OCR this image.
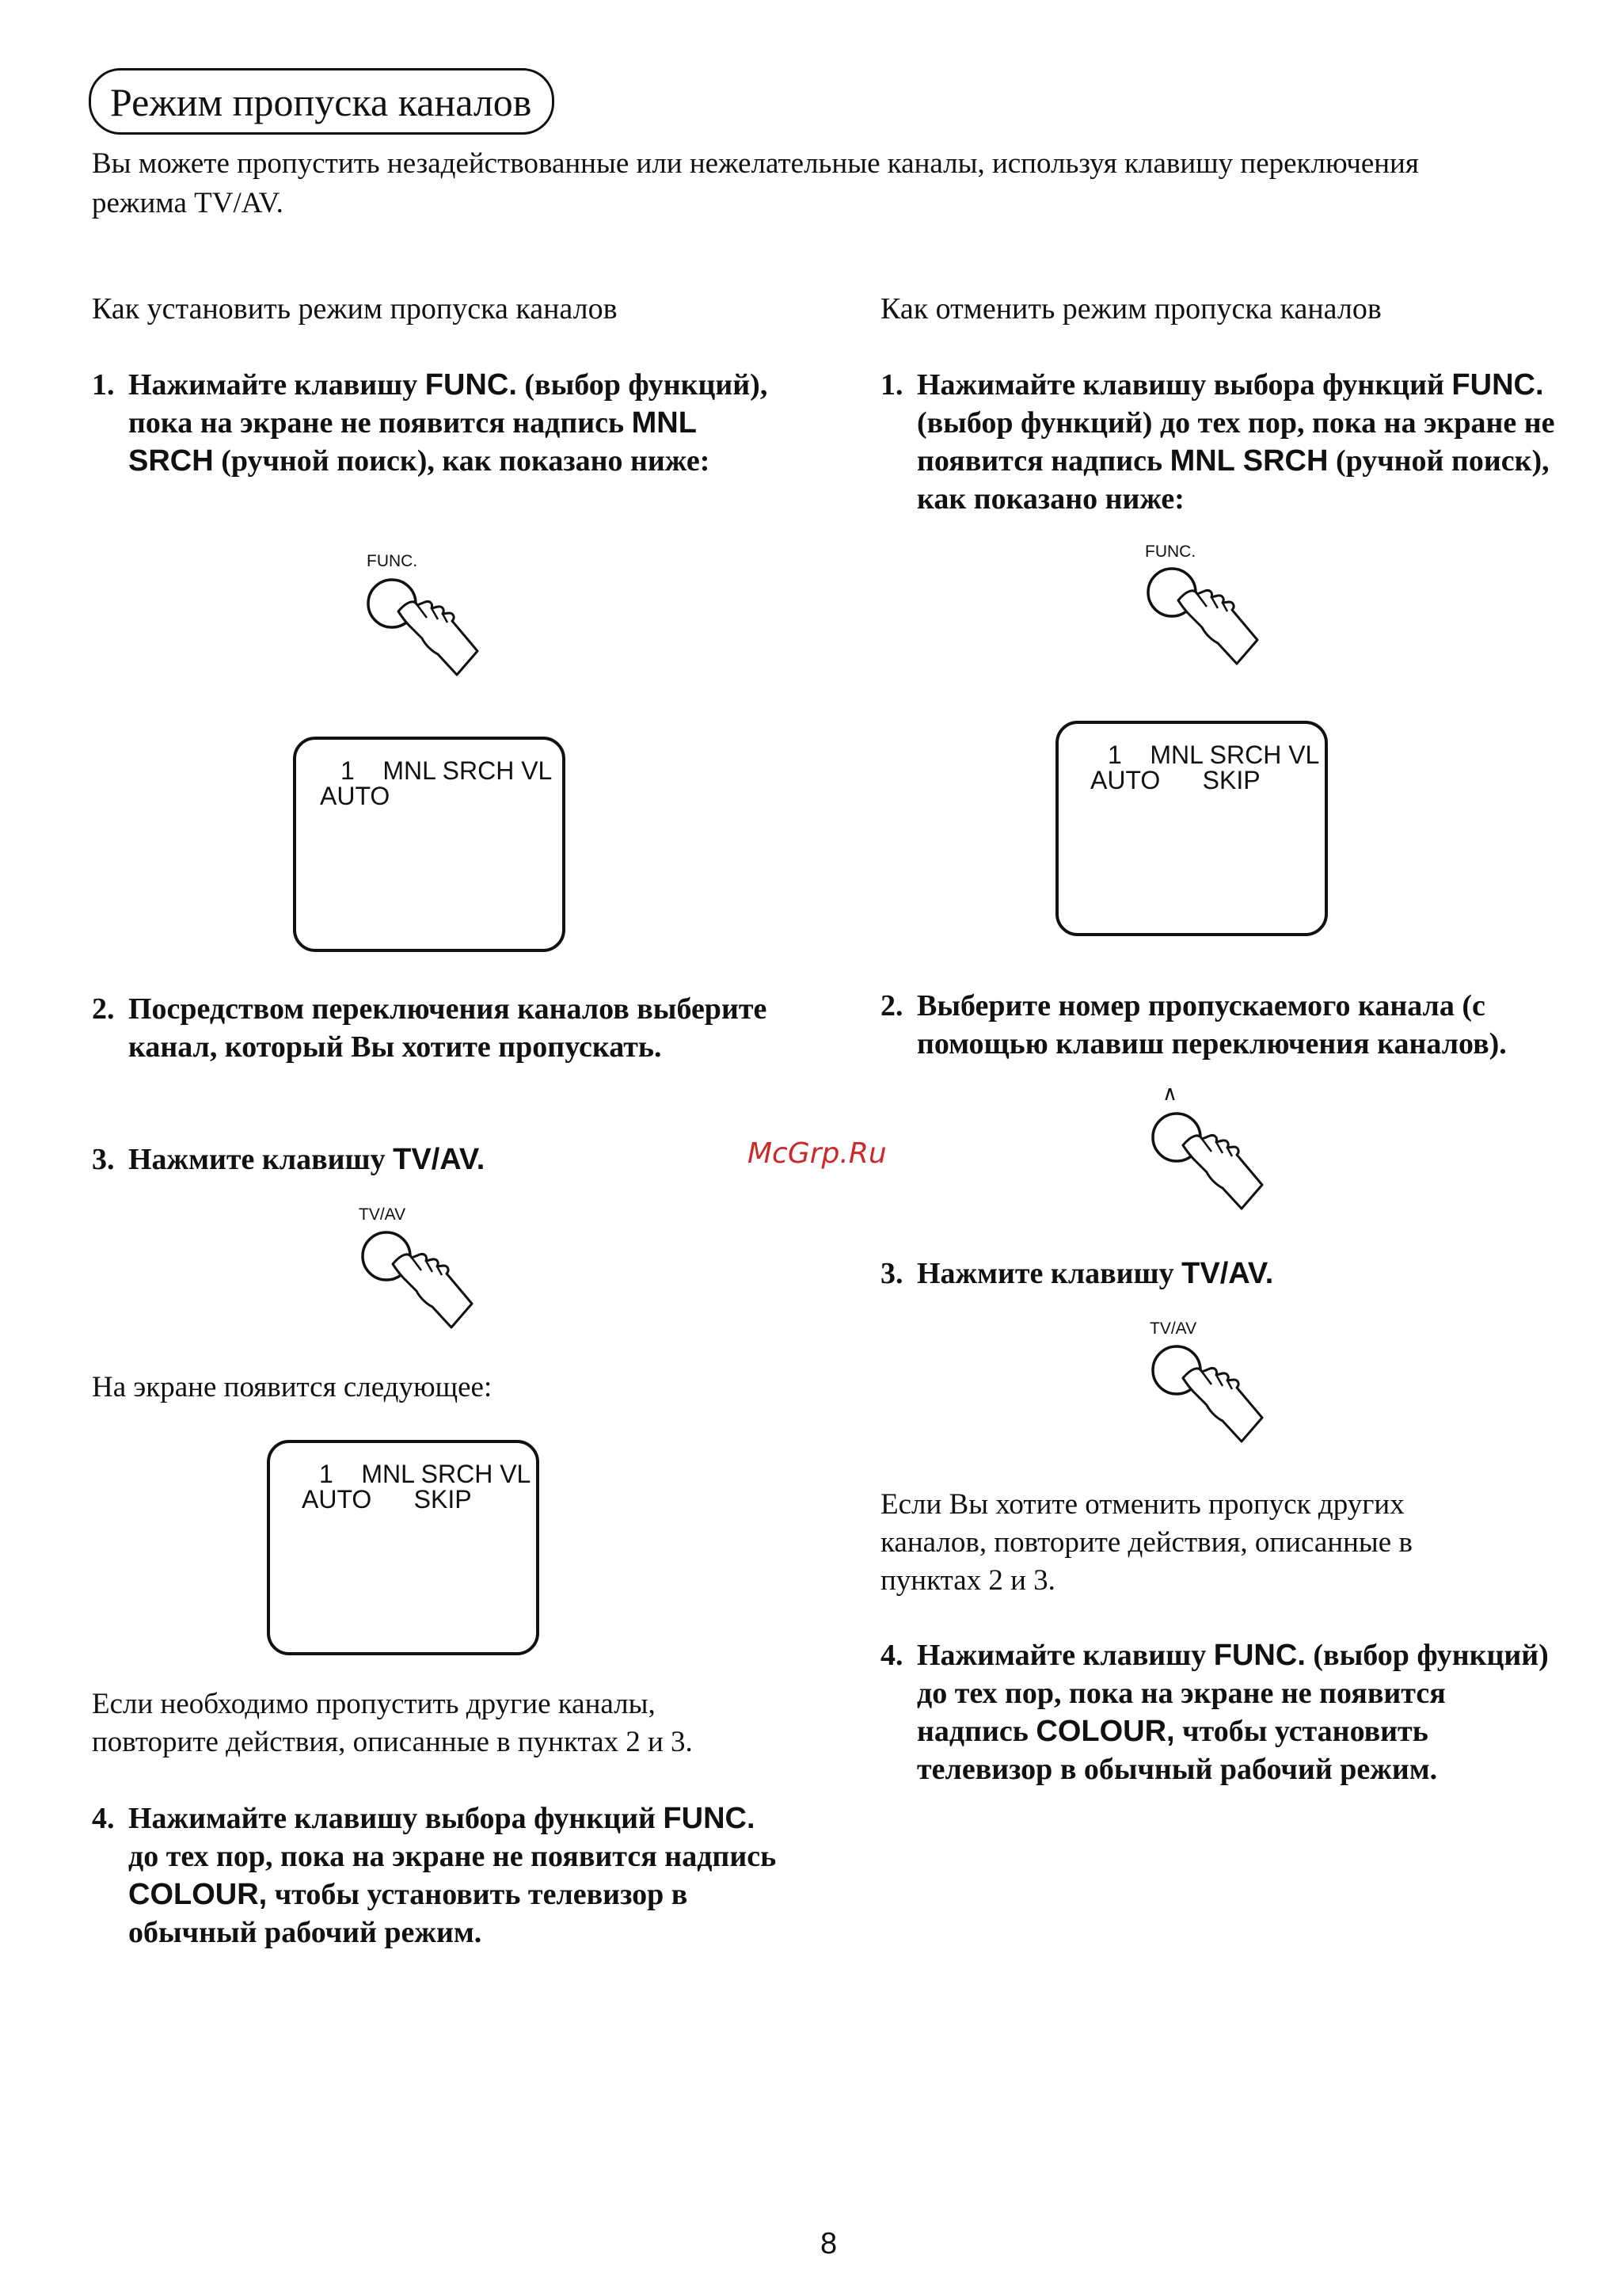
Режим пропуска каналов
Вы можете пропустить незадействованные или нежелательные каналы, используя клавишу переключения режима TV/AV.
Как установить режим пропуска каналов
1. Нажимайте клавишу FUNC. (выбор функций), пока на экране не появится надпись MNL SRCH (ручной поиск), как показано ниже:
FUNC.
1    MNL SRCH VL
AUTO
2. Посредством переключения каналов выберите канал, который Вы хотите пропускать.
3. Нажмите клавишу TV/AV.
TV/AV
На экране появится следующее:
1    MNL SRCH VL
AUTO      SKIP
Если необходимо пропустить другие каналы, повторите действия, описанные в пунктах 2 и 3.
4. Нажимайте клавишу выбора функций FUNC. до тех пор, пока на экране не появится надпись COLOUR, чтобы установить телевизор в обычный рабочий режим.
Как отменить режим пропуска каналов
1. Нажимайте клавишу выбора функций FUNC. (выбор функций) до тех пор, пока на экране не появится надпись MNL SRCH (ручной поиск), как показано ниже:
FUNC.
1    MNL SRCH VL
AUTO      SKIP
2. Выберите номер пропускаемого канала (с помощью клавиш переключения каналов).
∧
3. Нажмите клавишу TV/AV.
TV/AV
Если Вы хотите отменить пропуск других каналов, повторите действия, описанные в пунктах 2 и 3.
4. Нажимайте клавишу FUNC. (выбор функций) до тех пор, пока на экране не появится надпись COLOUR, чтобы установить телевизор в обычный рабочий режим.
McGrp.Ru
8
